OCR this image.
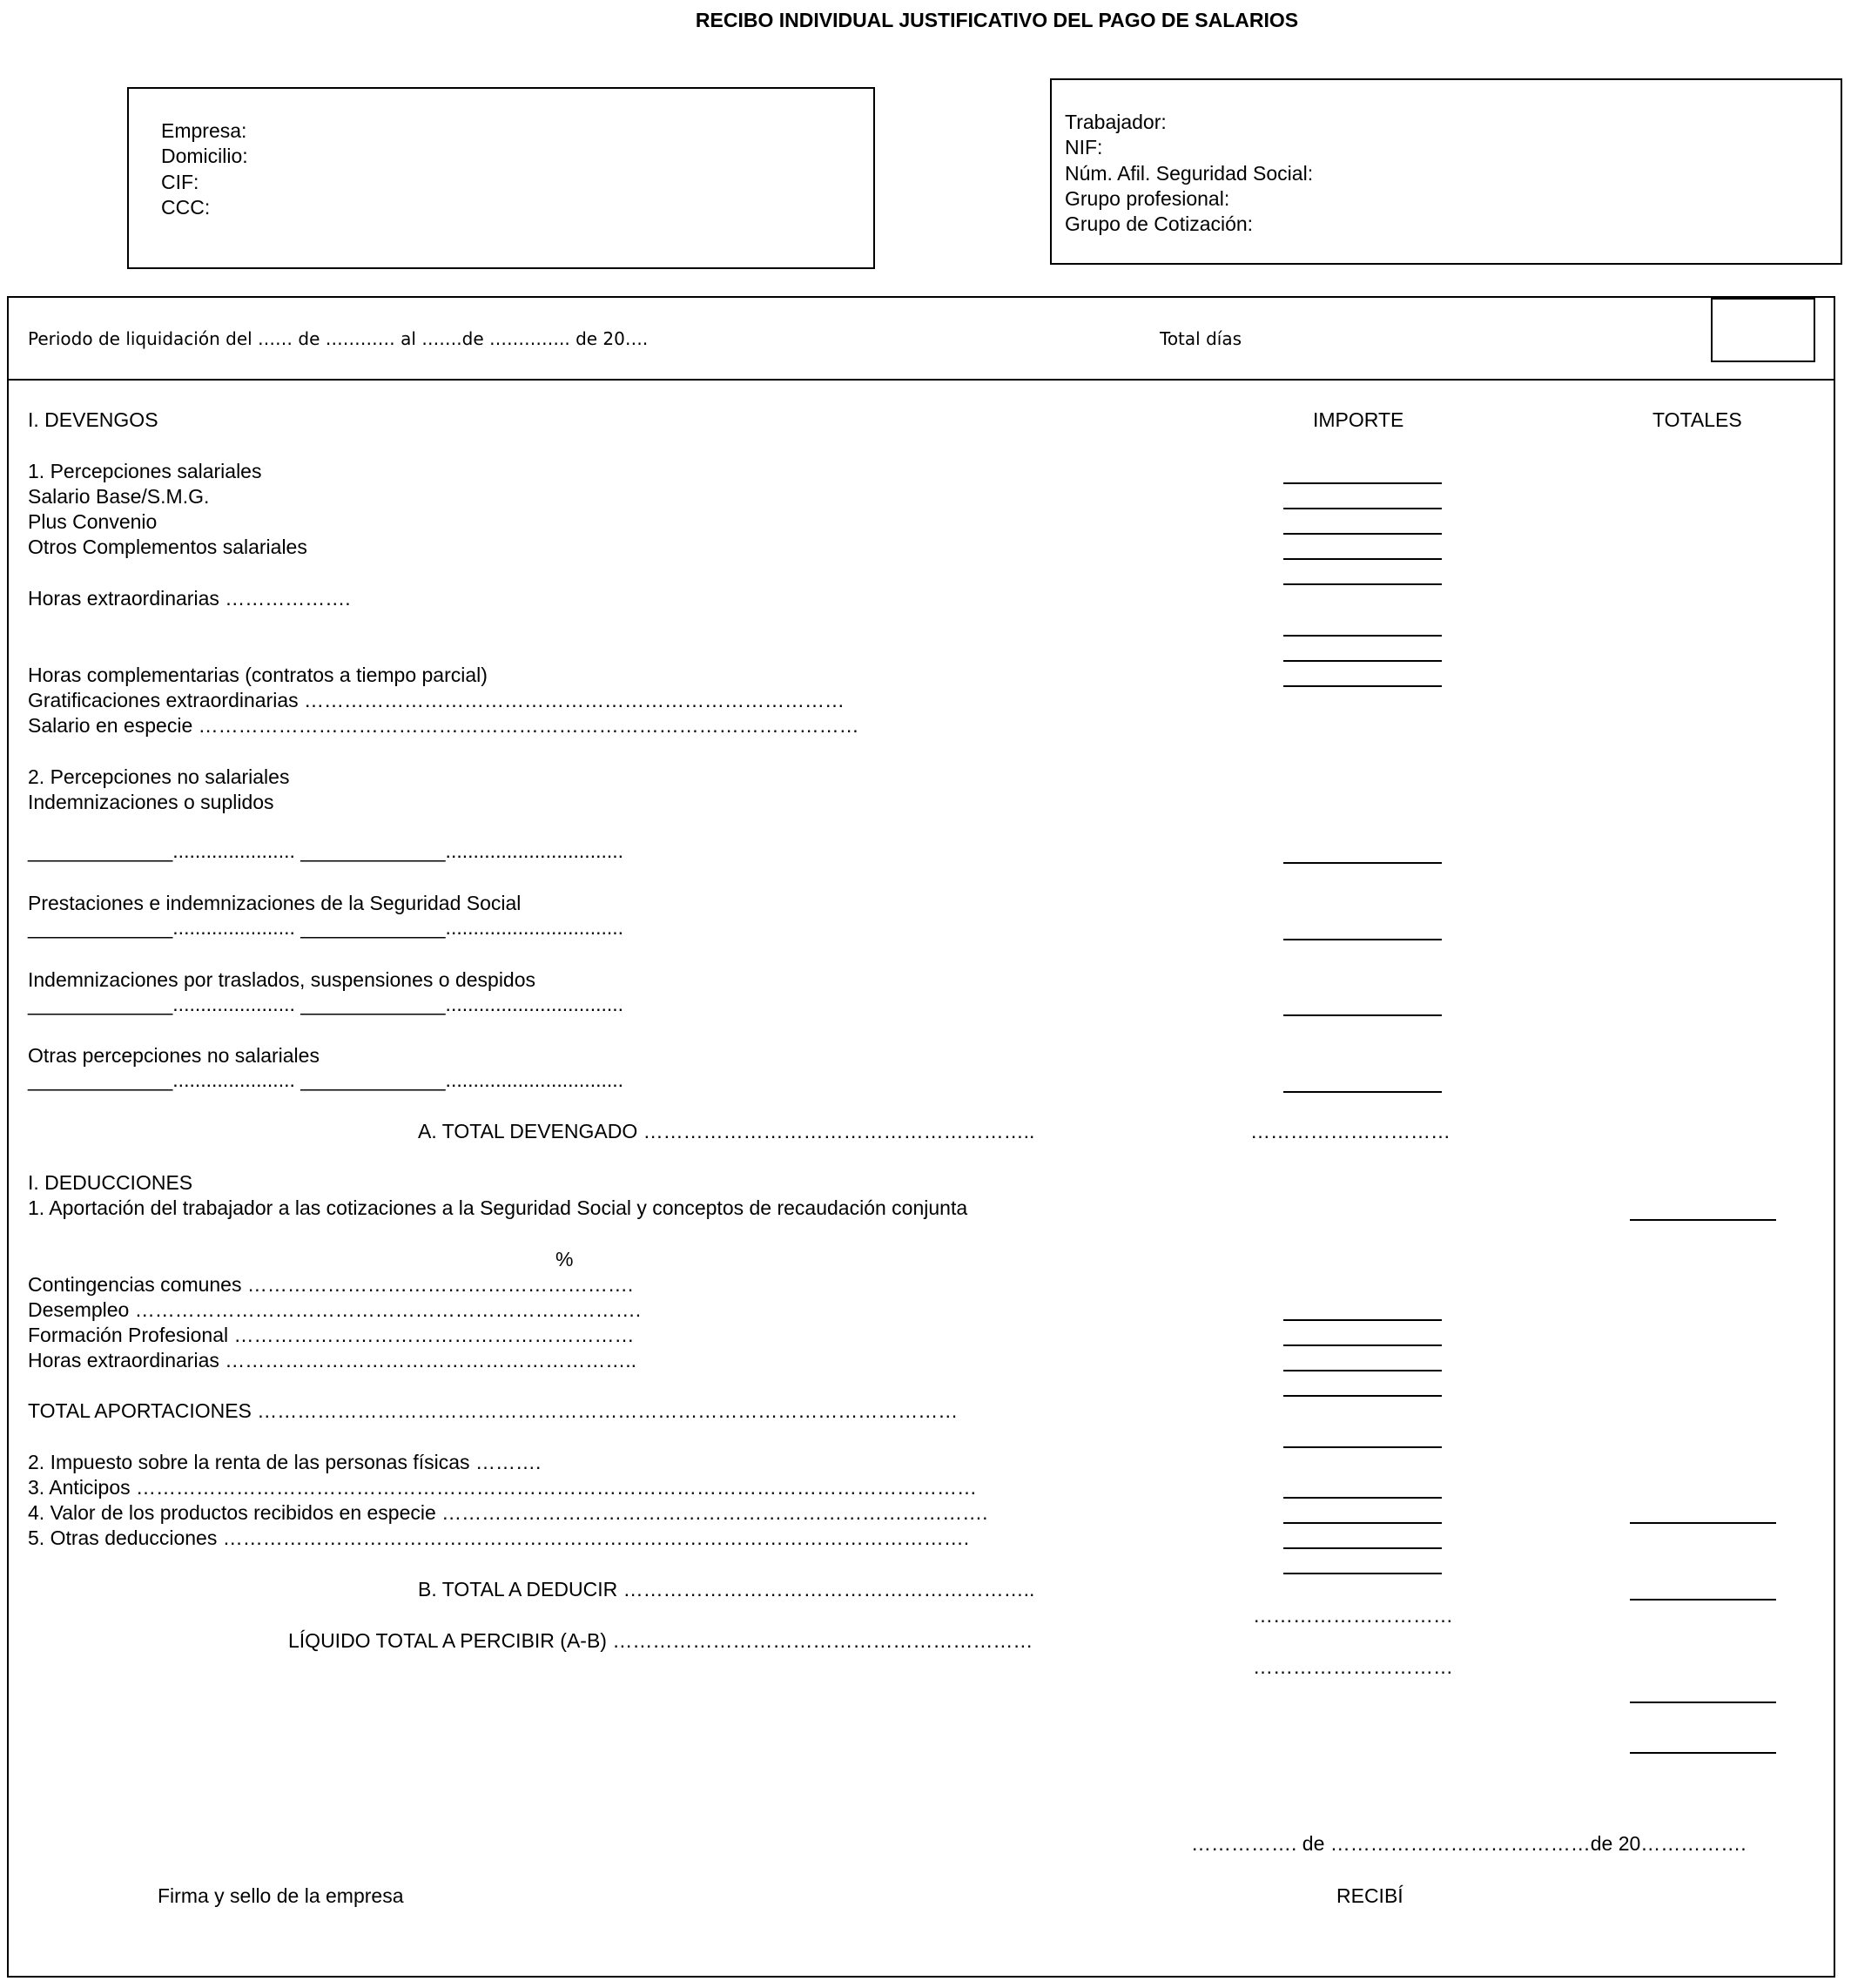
RECIBO INDIVIDUAL JUSTIFICATIVO DEL PAGO DE SALARIOS
Empresa:
Domicilio:
CIF:
CCC:
Trabajador:
NIF:
Núm. Afil. Seguridad Social:
Grupo profesional:
Grupo de Cotización:
Periodo de liquidación del …… de ………… al …….de ………….. de 20….	Total días
I. DEVENGOS	IMPORTE	TOTALES
1. Percepciones salariales
Salario Base/S.M.G.
Plus Convenio
Otros Complementos salariales
Horas extraordinarias ……………….
Horas complementarias (contratos a tiempo parcial)
Gratificaciones extraordinarias ………………………………………………………………………
Salario en especie ………………………………………………………………………………………
2. Percepciones no salariales
Indemnizaciones o suplidos
_____________...................... _____________................................
Prestaciones e indemnizaciones de la Seguridad Social
_____________...................... _____________................................
Indemnizaciones por traslados, suspensiones o despidos
_____________...................... _____________................................
Otras percepciones no salariales
_____________...................... _____________................................
A. TOTAL DEVENGADO …………………………………………………..	…………………………
I. DEDUCCIONES
1. Aportación del trabajador a las cotizaciones a la Seguridad Social y conceptos de recaudación conjunta
%
Contingencias comunes ………………………………………………….
Desempleo ………………………………………………………………….
Formación Profesional ……………………………………………………
Horas extraordinarias ……………………………………………………..
TOTAL APORTACIONES ……………………………………………………………………………………………
2. Impuesto sobre la renta de las personas físicas ……….
3. Anticipos ………………………………………………………………………………………………………………
4. Valor de los productos recibidos en especie ……………………………………………………………………….
5. Otras deducciones ………………………………………………………………………………………………….
B. TOTAL A DEDUCIR ……………………………………………………..
…………………………
LÍQUIDO TOTAL A PERCIBIR (A-B) ………………………………………………………
…………………………
……………. de …………………………………de 20…………….
Firma y sello de la empresa	RECIBÍ
